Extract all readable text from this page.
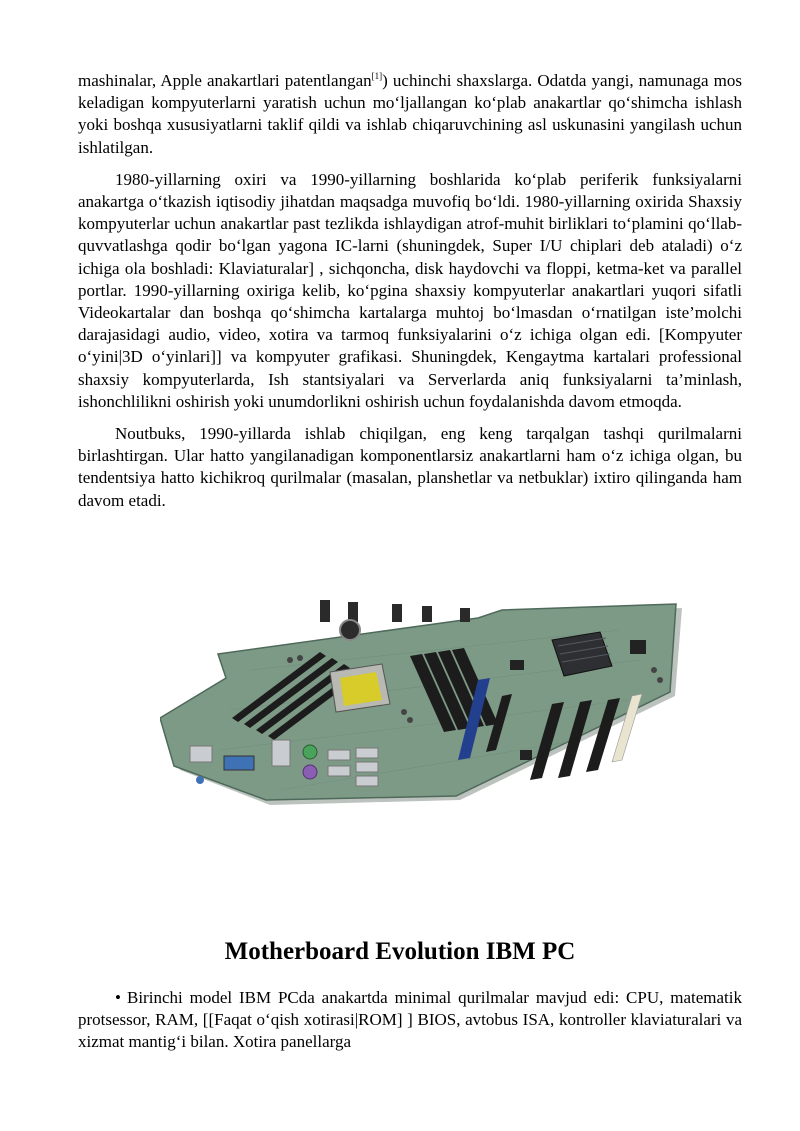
mashinalar, Apple anakartlari patentlangan[1]) uchinchi shaxslarga. Odatda yangi, namunaga mos keladigan kompyuterlarni yaratish uchun mo‘ljallangan ko‘plab anakartlar qo‘shimcha ishlash yoki boshqa xususiyatlarni taklif qildi va ishlab chiqaruvchining asl uskunasini yangilash uchun ishlatilgan.

1980-yillarning oxiri va 1990-yillarning boshlarida ko‘plab periferik funksiyalarni anakartga o‘tkazish iqtisodiy jihatdan maqsadga muvofiq bo‘ldi. 1980-yillarning oxirida Shaxsiy kompyuterlar uchun anakartlar past tezlikda ishlaydigan atrof-muhit birliklari to‘plamini qo‘llab-quvvatlashga qodir bo‘lgan yagona IC-larni (shuningdek, Super I/U chiplari deb ataladi) o‘z ichiga ola boshladi: Klaviaturalar] , sichqoncha, disk haydovchi va floppi, ketma-ket va parallel portlar. 1990-yillarning oxiriga kelib, ko‘pgina shaxsiy kompyuterlar anakartlari yuqori sifatli Videokartalar dan boshqa qo‘shimcha kartalarga muhtoj bo‘lmasdan o‘rnatilgan iste’molchi darajasidagi audio, video, xotira va tarmoq funksiyalarini o‘z ichiga olgan edi. [Kompyuter o‘yini|3D o‘yinlari]] va kompyuter grafikasi. Shuningdek, Kengaytma kartalari professional shaxsiy kompyuterlarda, Ish stantsiyalari va Serverlarda aniq funksiyalarni ta’minlash, ishonchlilikni oshirish yoki unumdorlikni oshirish uchun foydalanishda davom etmoqda.

Noutbuks, 1990-yillarda ishlab chiqilgan, eng keng tarqalgan tashqi qurilmalarni birlashtirgan. Ular hatto yangilanadigan komponentlarsiz anakartlarni ham o‘z ichiga olgan, bu tendentsiya hatto kichikroq qurilmalar (masalan, planshetlar va netbuklar) ixtiro qilinganda ham davom etadi.

Motherboard Evolution IBM PC

• Birinchi model IBM PCda anakartda minimal qurilmalar mavjud edi: CPU, matematik protsessor, RAM, [[Faqat o‘qish xotirasi|ROM] ] BIOS, avtobus ISA, kontroller klaviaturalari va xizmat mantig‘i bilan. Xotira panellarga
